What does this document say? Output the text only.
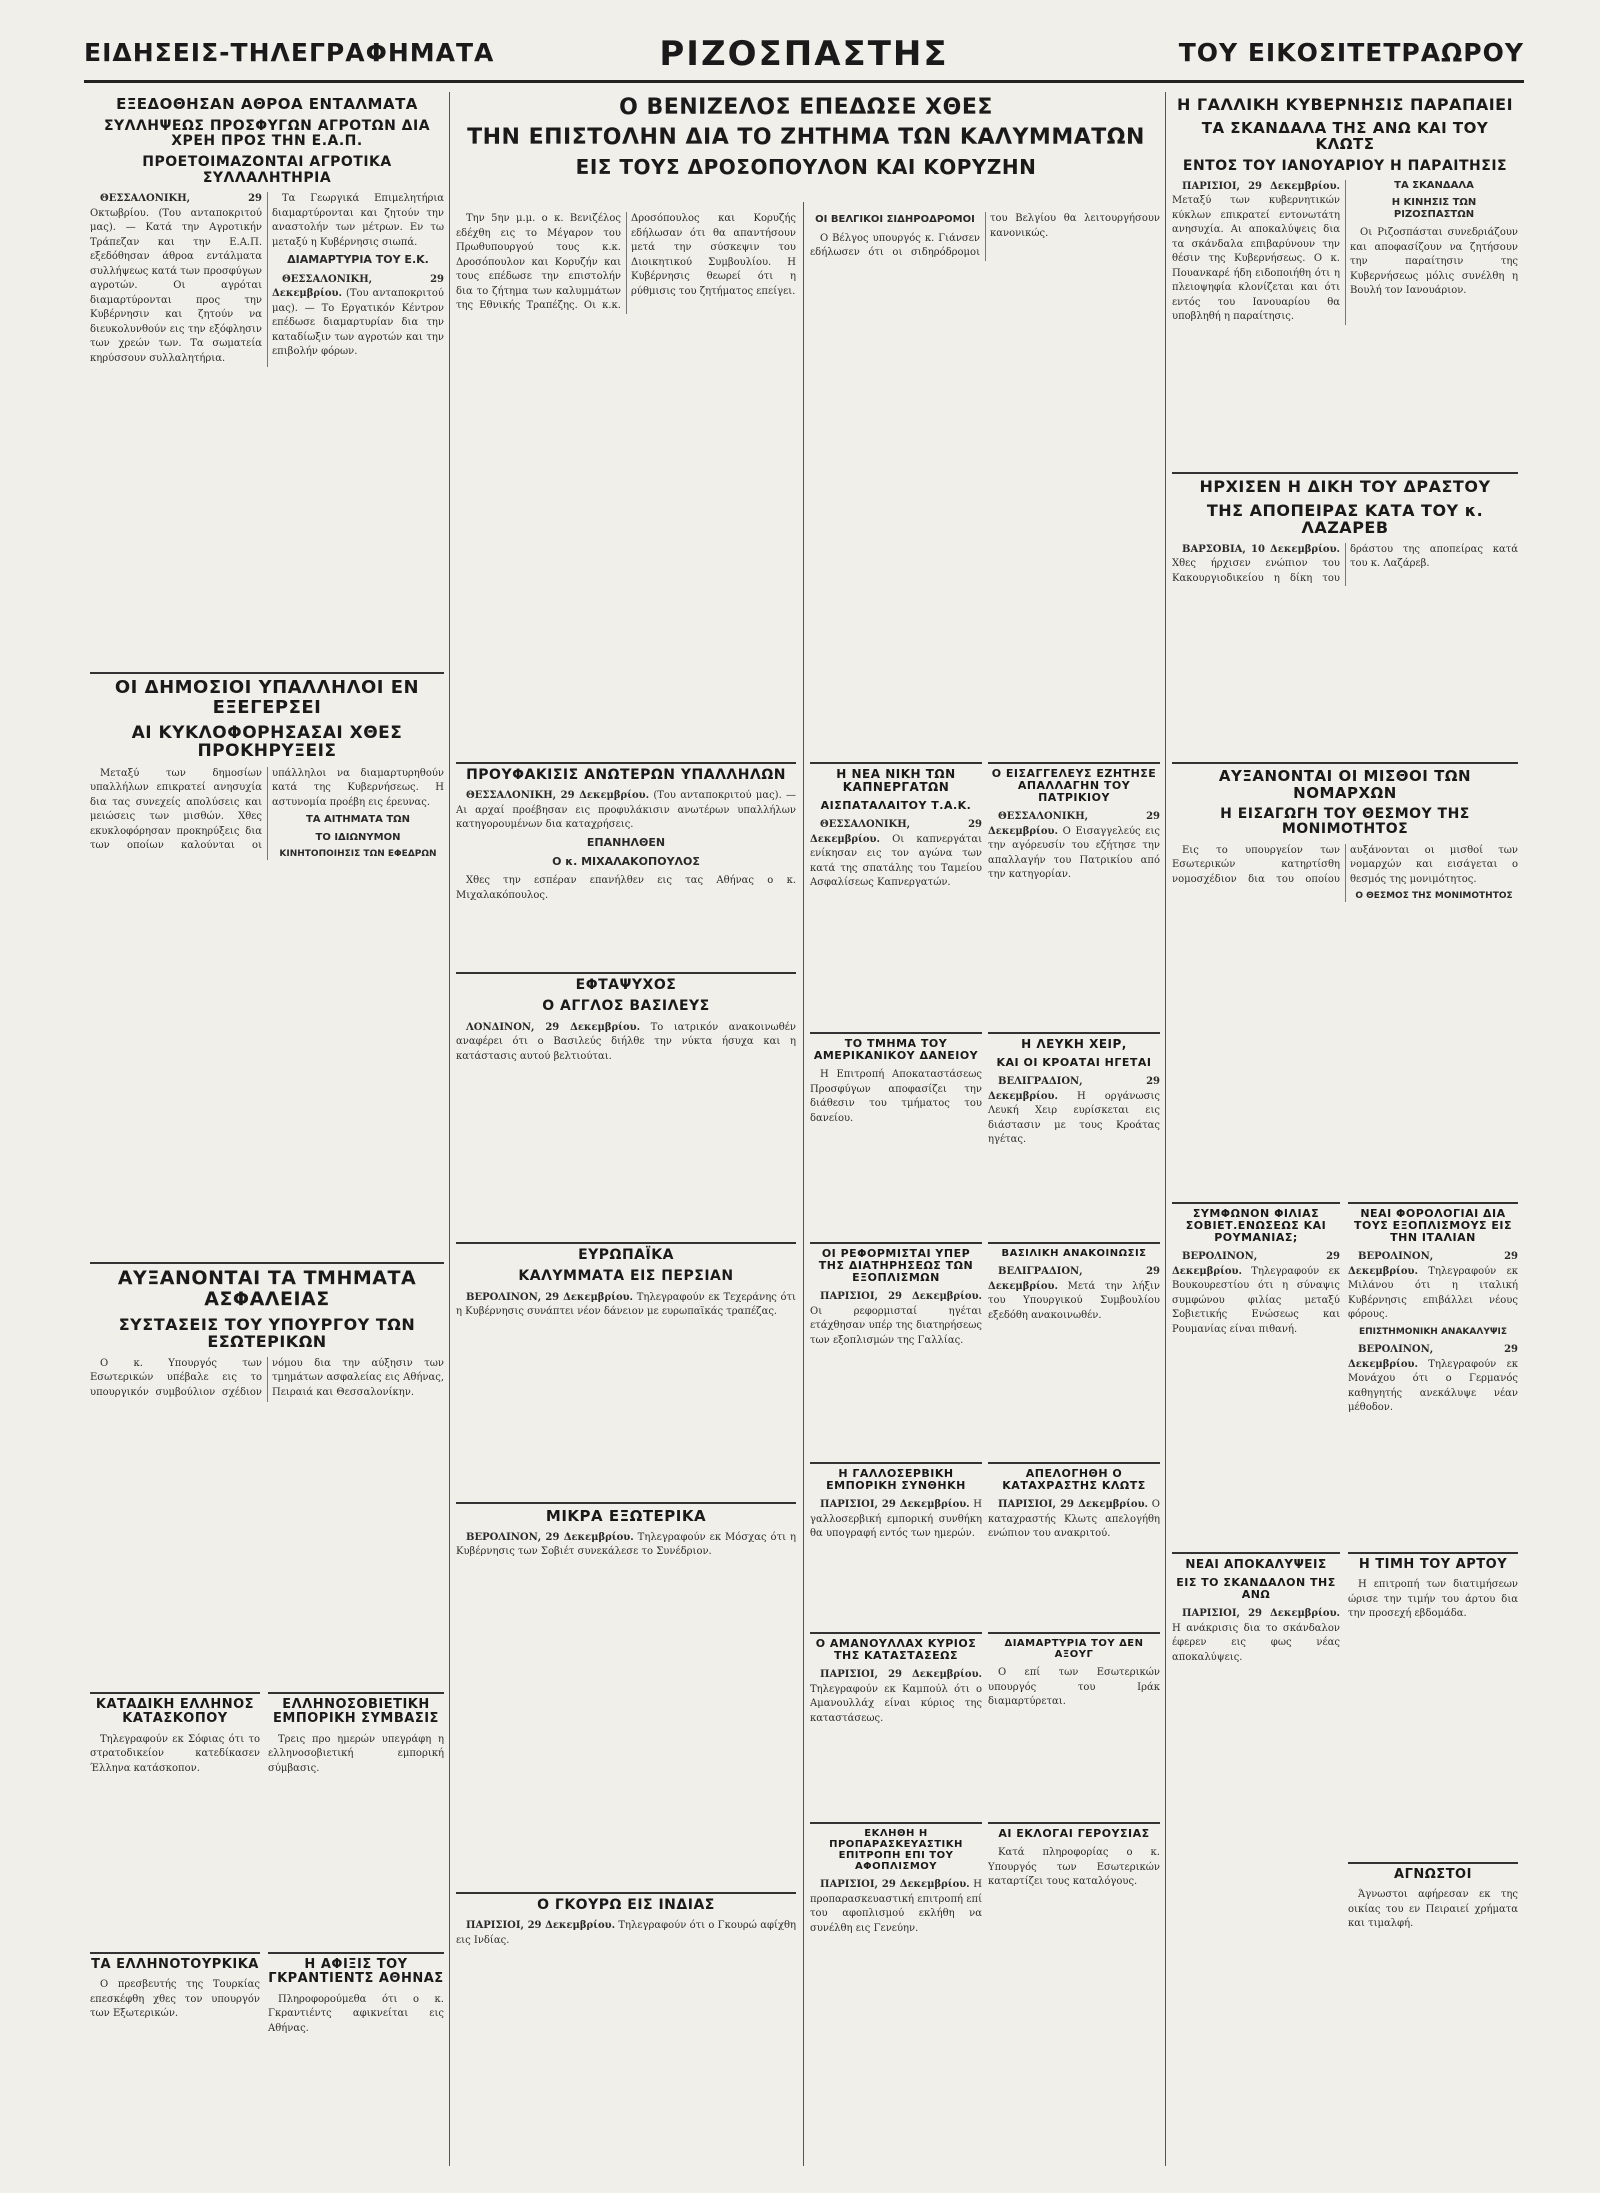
ΕΙΔΗΣΕΙΣ-ΤΗΛΕΓΡΑΦΗΜΑΤΑ	ΡΙΖΟΣΠΑΣΤΗΣ	ΤΟΥ ΕΙΚΟΣΙΤΕΤΡΑΩΡΟΥ
ΕΞΕΔΟΘΗΣΑΝ ΑΘΡΟΑ ΕΝΤΑΛΜΑΤΑ
ΣΥΛΛΗΨΕΩΣ ΠΡΟΣΦΥΓΩΝ ΑΓΡΟΤΩΝ ΔΙΑ ΧΡΕΗ ΠΡΟΣ ΤΗΝ Ε.Α.Π.
ΠΡΟΕΤΟΙΜΑΖΟΝΤΑΙ ΑΓΡΟΤΙΚΑ ΣΥΛΛΑΛΗΤΗΡΙΑ

ΘΕΣΣΑΛΟΝΙΚΗ, 29 Οκτωβρίου. (Του ανταποκριτού μας). — Κατά την Αγροτικήν Τράπεζαν και την Ε.Α.Π. εξεδόθησαν άθροα εντάλματα συλλήψεως κατά των προσφύγων αγροτών. Οι αγρόται διαμαρτύρονται προς την Κυβέρνησιν και ζητούν να διευκολυνθούν εις την εξόφλησιν των χρεών των. Τα σωματεία κηρύσσουν συλλαλητήρια.

Τα Γεωργικά Επιμελητήρια διαμαρτύρονται και ζητούν την αναστολήν των μέτρων. Εν τω μεταξύ η Κυβέρνησις σιωπά.

ΔΙΑΜΑΡΤΥΡΙΑ ΤΟΥ Ε.Κ.

ΘΕΣΣΑΛΟΝΙΚΗ, 29 Δεκεμβρίου. (Του ανταποκριτού μας). — Το Εργατικόν Κέντρον επέδωσε διαμαρτυρίαν δια την καταδίωξιν των αγροτών και την επιβολήν φόρων.

ΟΙ ΔΗΜΟΣΙΟΙ ΥΠΑΛΛΗΛΟΙ ΕΝ ΕΞΕΓΕΡΣΕΙ
ΑΙ ΚΥΚΛΟΦΟΡΗΣΑΣΑΙ ΧΘΕΣ ΠΡΟΚΗΡΥΞΕΙΣ

Μεταξύ των δημοσίων υπαλλήλων επικρατεί ανησυχία δια τας συνεχείς απολύσεις και μειώσεις των μισθών. Χθες εκυκλοφόρησαν προκηρύξεις δια των οποίων καλούνται οι υπάλληλοι να διαμαρτυρηθούν κατά της Κυβερνήσεως. Η αστυνομία προέβη εις έρευνας.

ΤΑ ΑΙΤΗΜΑΤΑ ΤΩΝ
ΤΟ ΙΔΙΩΝΥΜΟΝ
ΚΙΝΗΤΟΠΟΙΗΣΙΣ ΤΩΝ ΕΦΕΔΡΩΝ
ΑΥΞΑΝΟΝΤΑΙ ΤΑ ΤΜΗΜΑΤΑ ΑΣΦΑΛΕΙΑΣ
ΣΥΣΤΑΣΕΙΣ ΤΟΥ ΥΠΟΥΡΓΟΥ ΤΩΝ ΕΣΩΤΕΡΙΚΩΝ

Ο κ. Υπουργός των Εσωτερικών υπέβαλε εις το υπουργικόν συμβούλιον σχέδιον νόμου δια την αύξησιν των τμημάτων ασφαλείας εις Αθήνας, Πειραιά και Θεσσαλονίκην.

ΚΑΤΑΔΙΚΗ ΕΛΛΗΝΟΣ ΚΑΤΑΣΚΟΠΟΥ

Τηλεγραφούν εκ Σόφιας ότι το στρατοδικείον κατεδίκασεν Έλληνα κατάσκοπον.

ΕΛΛΗΝΟΣΟΒΙΕΤΙΚΗ ΕΜΠΟΡΙΚΗ ΣΥΜΒΑΣΙΣ

Τρεις προ ημερών υπεγράφη η ελληνοσοβιετική εμπορική σύμβασις.

ΤΑ ΕΛΛΗΝΟΤΟΥΡΚΙΚΑ

Ο πρεσβευτής της Τουρκίας επεσκέφθη χθες τον υπουργόν των Εξωτερικών.

Η ΑΦΙΞΙΣ ΤΟΥ ΓΚΡΑΝΤΙΕΝΤΣ ΑΘΗΝΑΣ

Πληροφορούμεθα ότι ο κ. Γκραντιέντς αφικνείται εις Αθήνας.

Ο ΒΕΝΙΖΕΛΟΣ ΕΠΕΔΩΣΕ ΧΘΕΣ
ΤΗΝ ΕΠΙΣΤΟΛΗΝ ΔΙΑ ΤΟ ΖΗΤΗΜΑ ΤΩΝ ΚΑΛΥΜΜΑΤΩΝ
ΕΙΣ ΤΟΥΣ ΔΡΟΣΟΠΟΥΛΟΝ ΚΑΙ ΚΟΡΥΖΗΝ

Την 5ην μ.μ. ο κ. Βενιζέλος εδέχθη εις το Μέγαρον του Πρωθυπουργού τους κ.κ. Δροσόπουλον και Κορυζήν και τους επέδωσε την επιστολήν δια το ζήτημα των καλυμμάτων της Εθνικής Τραπέζης. Οι κ.κ. Δροσόπουλος και Κορυζής εδήλωσαν ότι θα απαντήσουν μετά την σύσκεψιν του Διοικητικού Συμβουλίου. Η Κυβέρνησις θεωρεί ότι η ρύθμισις του ζητήματος επείγει.

ΠΡΟΥΦΑΚΙΣΙΣ ΑΝΩΤΕΡΩΝ ΥΠΑΛΛΗΛΩΝ

ΘΕΣΣΑΛΟΝΙΚΗ, 29 Δεκεμβρίου. (Του ανταποκριτού μας). — Αι αρχαί προέβησαν εις προφυλάκισιν ανωτέρων υπαλλήλων κατηγορουμένων δια καταχρήσεις.

ΕΠΑΝΗΛΘΕΝ
Ο κ. ΜΙΧΑΛΑΚΟΠΟΥΛΟΣ

Χθες την εσπέραν επανήλθεν εις τας Αθήνας ο κ. Μιχαλακόπουλος.

ΕΦΤΑΨΥΧΟΣ
Ο ΑΓΓΛΟΣ ΒΑΣΙΛΕΥΣ

ΛΟΝΔΙΝΟΝ, 29 Δεκεμβρίου. Το ιατρικόν ανακοινωθέν αναφέρει ότι ο Βασιλεύς διήλθε την νύκτα ήσυχα και η κατάστασις αυτού βελτιούται.

ΕΥΡΩΠΑΪΚΑ
ΚΑΛΥΜΜΑΤΑ ΕΙΣ ΠΕΡΣΙΑΝ

ΒΕΡΟΛΙΝΟΝ, 29 Δεκεμβρίου. Τηλεγραφούν εκ Τεχεράνης ότι η Κυβέρνησις συνάπτει νέον δάνειον με ευρωπαϊκάς τραπέζας.

ΜΙΚΡΑ ΕΞΩΤΕΡΙΚΑ

ΒΕΡΟΛΙΝΟΝ, 29 Δεκεμβρίου. Τηλεγραφούν εκ Μόσχας ότι η Κυβέρνησις των Σοβιέτ συνεκάλεσε το Συνέδριον.

Ο ΓΚΟΥΡΩ ΕΙΣ ΙΝΔΙΑΣ

ΠΑΡΙΣΙΟΙ, 29 Δεκεμβρίου. Τηλεγραφούν ότι ο Γκουρώ αφίχθη εις Ινδίας.

ΟΙ ΒΕΛΓΙΚΟΙ ΣΙΔΗΡΟΔΡΟΜΟΙ

Ο Βέλγος υπουργός κ. Γιάνσεν εδήλωσεν ότι οι σιδηρόδρομοι του Βελγίου θα λειτουργήσουν κανονικώς.

Η ΝΕΑ ΝΙΚΗ ΤΩΝ ΚΑΠΝΕΡΓΑΤΩΝ
ΑΙΣΠΑΤΑΛΑΙΤΟΥ Τ.Α.Κ.

ΘΕΣΣΑΛΟΝΙΚΗ, 29 Δεκεμβρίου. Οι καπνεργάται ενίκησαν εις τον αγώνα των κατά της σπατάλης του Ταμείου Ασφαλίσεως Καπνεργατών.

Ο ΕΙΣΑΓΓΕΛΕΥΣ ΕΖΗΤΗΣΕ ΑΠΑΛΛΑΓΗΝ ΤΟΥ ΠΑΤΡΙΚΙΟΥ

ΘΕΣΣΑΛΟΝΙΚΗ, 29 Δεκεμβρίου. Ο Εισαγγελεύς εις την αγόρευσίν του εζήτησε την απαλλαγήν του Πατρικίου από την κατηγορίαν.

ΤΟ ΤΜΗΜΑ ΤΟΥ ΑΜΕΡΙΚΑΝΙΚΟΥ ΔΑΝΕΙΟΥ

Η Επιτροπή Αποκαταστάσεως Προσφύγων αποφασίζει την διάθεσιν του τμήματος του δανείου.

Η ΛΕΥΚΗ ΧΕΙΡ,
ΚΑΙ ΟΙ ΚΡΟΑΤΑΙ ΗΓΕΤΑΙ

ΒΕΛΙΓΡΑΔΙΟΝ, 29 Δεκεμβρίου. Η οργάνωσις Λευκή Χειρ ευρίσκεται εις διάστασιν με τους Κροάτας ηγέτας.

ΟΙ ΡΕΦΟΡΜΙΣΤΑΙ ΥΠΕΡ ΤΗΣ ΔΙΑΤΗΡΗΣΕΩΣ ΤΩΝ ΕΞΟΠΛΙΣΜΩΝ

ΠΑΡΙΣΙΟΙ, 29 Δεκεμβρίου. Οι ρεφορμισταί ηγέται ετάχθησαν υπέρ της διατηρήσεως των εξοπλισμών της Γαλλίας.

ΒΑΣΙΛΙΚΗ ΑΝΑΚΟΙΝΩΣΙΣ

ΒΕΛΙΓΡΑΔΙΟΝ, 29 Δεκεμβρίου. Μετά την λήξιν του Υπουργικού Συμβουλίου εξεδόθη ανακοινωθέν.

Η ΓΑΛΛΟΣΕΡΒΙΚΗ ΕΜΠΟΡΙΚΗ ΣΥΝΘΗΚΗ

ΠΑΡΙΣΙΟΙ, 29 Δεκεμβρίου. Η γαλλοσερβική εμπορική συνθήκη θα υπογραφή εντός των ημερών.

ΑΠΕΛΟΓΗΘΗ Ο ΚΑΤΑΧΡΑΣΤΗΣ ΚΛΩΤΣ

ΠΑΡΙΣΙΟΙ, 29 Δεκεμβρίου. Ο καταχραστής Κλωτς απελογήθη ενώπιον του ανακριτού.

Ο ΑΜΑΝΟΥΛΛΑΧ ΚΥΡΙΟΣ ΤΗΣ ΚΑΤΑΣΤΑΣΕΩΣ

ΠΑΡΙΣΙΟΙ, 29 Δεκεμβρίου. Τηλεγραφούν εκ Καμπούλ ότι ο Αμανουλλάχ είναι κύριος της καταστάσεως.

ΔΙΑΜΑΡΤΥΡΙΑ ΤΟΥ ΔΕΝ ΑΞΟΥΓ

Ο επί των Εσωτερικών υπουργός του Ιράκ διαμαρτύρεται.

ΕΚΛΗΘΗ Η ΠΡΟΠΑΡΑΣΚΕΥΑΣΤΙΚΗ ΕΠΙΤΡΟΠΗ ΕΠΙ ΤΟΥ ΑΦΟΠΛΙΣΜΟΥ

ΠΑΡΙΣΙΟΙ, 29 Δεκεμβρίου. Η προπαρασκευαστική επιτροπή επί του αφοπλισμού εκλήθη να συνέλθη εις Γενεύην.

ΑΙ ΕΚΛΟΓΑΙ ΓΕΡΟΥΣΙΑΣ

Κατά πληροφορίας ο κ. Υπουργός των Εσωτερικών καταρτίζει τους καταλόγους.

Η ΓΑΛΛΙΚΗ ΚΥΒΕΡΝΗΣΙΣ ΠΑΡΑΠΑΙΕΙ
ΤΑ ΣΚΑΝΔΑΛΑ ΤΗΣ ΑΝΩ ΚΑΙ ΤΟΥ ΚΛΩΤΣ
ΕΝΤΟΣ ΤΟΥ ΙΑΝΟΥΑΡΙΟΥ Η ΠΑΡΑΙΤΗΣΙΣ

ΠΑΡΙΣΙΟΙ, 29 Δεκεμβρίου. Μεταξύ των κυβερνητικών κύκλων επικρατεί εντονωτάτη ανησυχία. Αι αποκαλύψεις δια τα σκάνδαλα επιβαρύνουν την θέσιν της Κυβερνήσεως. Ο κ. Πουανκαρέ ήδη ειδοποιήθη ότι η πλειοψηφία κλονίζεται και ότι εντός του Ιανουαρίου θα υποβληθή η παραίτησις.

ΤΑ ΣΚΑΝΔΑΛΑ
Η ΚΙΝΗΣΙΣ ΤΩΝ ΡΙΖΟΣΠΑΣΤΩΝ

Οι Ριζοσπάσται συνεδριάζουν και αποφασίζουν να ζητήσουν την παραίτησιν της Κυβερνήσεως μόλις συνέλθη η Βουλή τον Ιανουάριον.

ΗΡΧΙΣΕΝ Η ΔΙΚΗ ΤΟΥ ΔΡΑΣΤΟΥ
ΤΗΣ ΑΠΟΠΕΙΡΑΣ ΚΑΤΑ ΤΟΥ κ. ΛΑΖΑΡΕΒ

ΒΑΡΣΟΒΙΑ, 10 Δεκεμβρίου. Χθες ήρχισεν ενώπιον του Κακουργιοδικείου η δίκη του δράστου της αποπείρας κατά του κ. Λαζάρεβ.

ΑΥΞΑΝΟΝΤΑΙ ΟΙ ΜΙΣΘΟΙ ΤΩΝ ΝΟΜΑΡΧΩΝ
Η ΕΙΣΑΓΩΓΗ ΤΟΥ ΘΕΣΜΟΥ ΤΗΣ ΜΟΝΙΜΟΤΗΤΟΣ

Εις το υπουργείον των Εσωτερικών κατηρτίσθη νομοσχέδιον δια του οποίου αυξάνονται οι μισθοί των νομαρχών και εισάγεται ο θεσμός της μονιμότητος.

Ο ΘΕΣΜΟΣ ΤΗΣ ΜΟΝΙΜΟΤΗΤΟΣ
ΣΥΜΦΩΝΟΝ ΦΙΛΙΑΣ ΣΟΒΙΕΤ.ΕΝΩΣΕΩΣ ΚΑΙ ΡΟΥΜΑΝΙΑΣ;

ΒΕΡΟΛΙΝΟΝ, 29 Δεκεμβρίου. Τηλεγραφούν εκ Βουκουρεστίου ότι η σύναψις συμφώνου φιλίας μεταξύ Σοβιετικής Ενώσεως και Ρουμανίας είναι πιθανή.

ΝΕΑΙ ΦΟΡΟΛΟΓΙΑΙ ΔΙΑ ΤΟΥΣ ΕΞΟΠΛΙΣΜΟΥΣ ΕΙΣ ΤΗΝ ΙΤΑΛΙΑΝ

ΒΕΡΟΛΙΝΟΝ, 29 Δεκεμβρίου. Τηλεγραφούν εκ Μιλάνου ότι η ιταλική Κυβέρνησις επιβάλλει νέους φόρους.

ΕΠΙΣΤΗΜΟΝΙΚΗ ΑΝΑΚΑΛΥΨΙΣ

ΒΕΡΟΛΙΝΟΝ, 29 Δεκεμβρίου. Τηλεγραφούν εκ Μονάχου ότι ο Γερμανός καθηγητής ανεκάλυψε νέαν μέθοδον.

ΝΕΑΙ ΑΠΟΚΑΛΥΨΕΙΣ
ΕΙΣ ΤΟ ΣΚΑΝΔΑΛΟΝ ΤΗΣ ΑΝΩ

ΠΑΡΙΣΙΟΙ, 29 Δεκεμβρίου. Η ανάκρισις δια το σκάνδαλον έφερεν εις φως νέας αποκαλύψεις.

Η ΤΙΜΗ ΤΟΥ ΑΡΤΟΥ

Η επιτροπή των διατιμήσεων ώρισε την τιμήν του άρτου δια την προσεχή εβδομάδα.

ΑΓΝΩΣΤΟΙ

Άγνωστοι αφήρεσαν εκ της οικίας του εν Πειραιεί χρήματα και τιμαλφή.
